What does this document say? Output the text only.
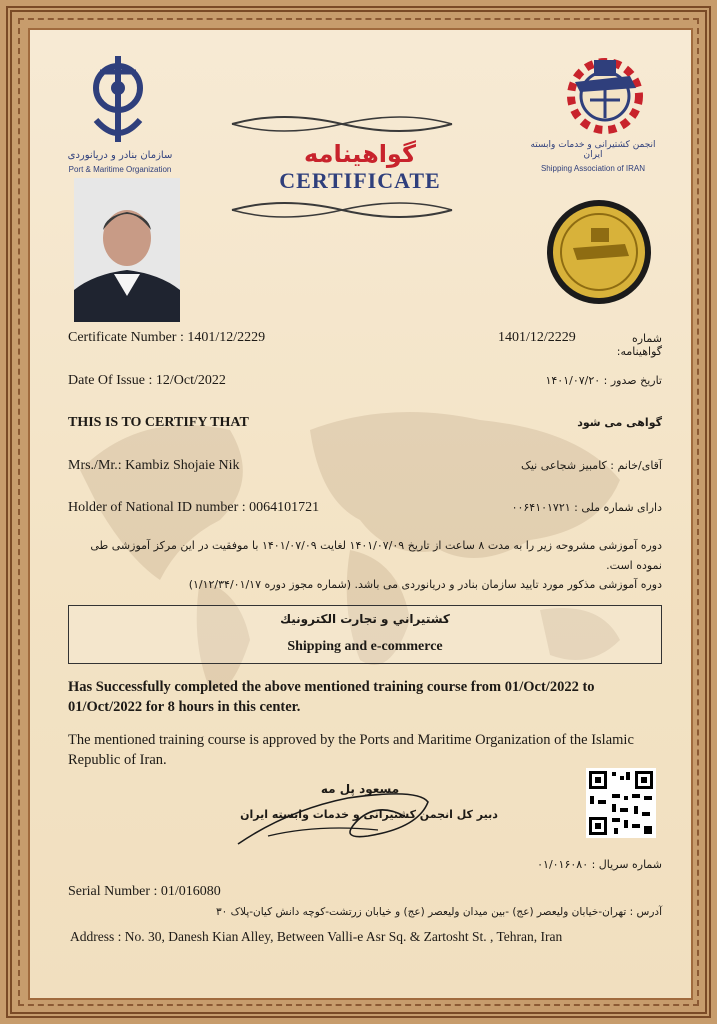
سازمان بنادر و دریانوردی
Port & Maritime Organization
انجمن کشتیرانی و خدمات وابسته ایران
Shipping Association of IRAN
گواهینامه
CERTIFICATE
Certificate Number : 1401/12/2229	1401/12/2229	شماره گواهینامه:
Date Of Issue : 12/Oct/2022	تاریخ صدور : ۱۴۰۱/۰۷/۲۰
THIS IS TO CERTIFY THAT	گواهی می شود
Mrs./Mr.: Kambiz Shojaie Nik	آقای/خانم : کامبیز شجاعی نیک
Holder of National ID number : 0064101721	دارای شماره ملی : ۰۰۶۴۱۰۱۷۲۱
دوره آموزشی مشروحه زیر را به مدت ۸ ساعت از تاریخ ۱۴۰۱/۰۷/۰۹ لغایت ۱۴۰۱/۰۷/۰۹ با موفقیت در این مرکز آموزشی طی نموده است.
دوره آموزشی مذکور مورد تایید سازمان بنادر و دریانوردی می باشد. (شماره مجوز دوره ۱/۱۲/۳۴/۰۱/۱۷)
كشتيراني و تجارت الكترونيك
Shipping and e-commerce
Has Successfully completed the above mentioned training course from 01/Oct/2022 to 01/Oct/2022 for 8 hours in this center.
The mentioned training course is approved by the Ports and Maritime Organization of the Islamic Republic of Iran.
مسعود پل مه
دبیر کل انجمن کشتیرانی و خدمات وابسته ایران
شماره سریال : ۰۱/۰۱۶۰۸۰
Serial Number : 01/016080
آدرس : تهران-خیابان ولیعصر (عج) -بین میدان ولیعصر (عج) و خیابان زرتشت-کوچه دانش کیان-پلاک ۳۰
Address : No. 30, Danesh Kian Alley, Between Valli-e Asr Sq. & Zartosht St. , Tehran, Iran
